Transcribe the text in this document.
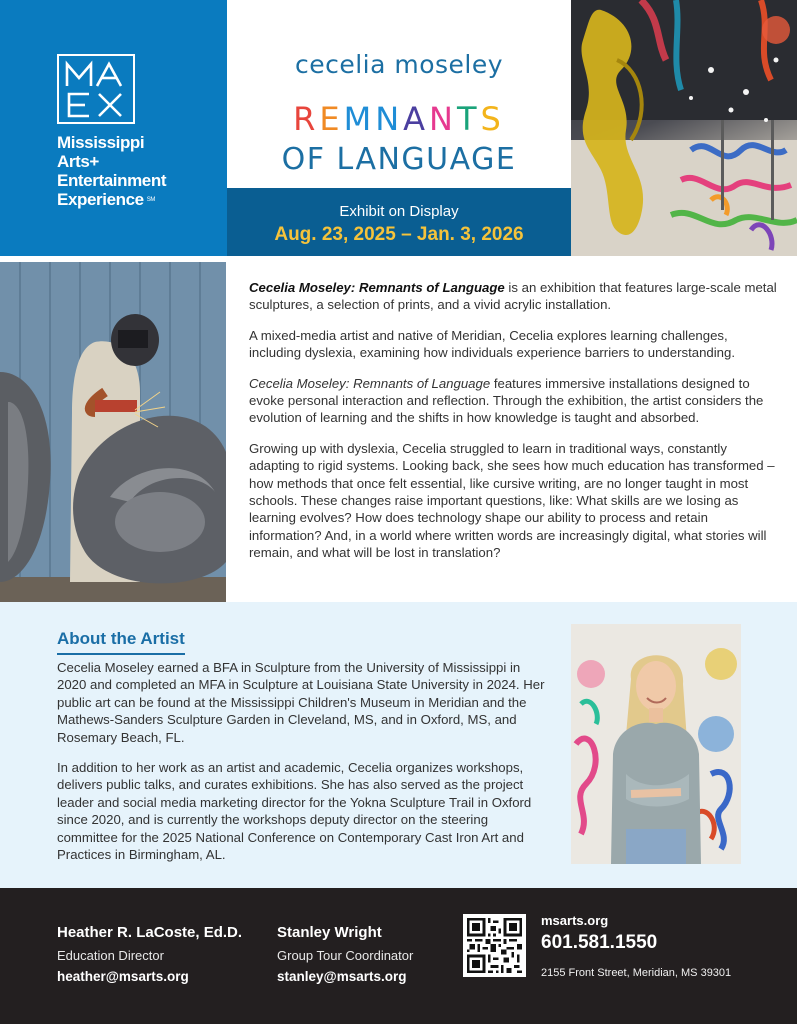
Mississippi
Arts+
Entertainment
Experience SM
cecelia moseley
REMNANTS
OF LANGUAGE
Exhibit on Display
Aug. 23, 2025 – Jan. 3, 2026

Cecelia Moseley: Remnants of Language is an exhibition that features large-scale metal sculptures, a selection of prints, and a vivid acrylic installation.

A mixed-media artist and native of Meridian, Cecelia explores learning challenges, including dyslexia, examining how individuals experience barriers to understanding.

Cecelia Moseley: Remnants of Language features immersive installations designed to evoke personal interaction and reflection. Through the exhibition, the artist considers the evolution of learning and the shifts in how knowledge is taught and absorbed.

Growing up with dyslexia, Cecelia struggled to learn in traditional ways, constantly adapting to rigid systems. Looking back, she sees how much education has transformed – how methods that once felt essential, like cursive writing, are no longer taught in most schools. These changes raise important questions, like: What skills are we losing as learning evolves? How does technology shape our ability to process and retain information? And, in a world where written words are increasingly digital, what stories will remain, and what will be lost in translation?

About the Artist

Cecelia Moseley earned a BFA in Sculpture from the University of Mississippi in 2020 and completed an MFA in Sculpture at Louisiana State University in 2024. Her public art can be found at the Mississippi Children's Museum in Meridian and the Mathews-Sanders Sculpture Garden in Cleveland, MS, and in Oxford, MS, and Rosemary Beach, FL.

In addition to her work as an artist and academic, Cecelia organizes workshops, delivers public talks, and curates exhibitions. She has also served as the project leader and social media marketing director for the Yokna Sculpture Trail in Oxford since 2020, and is currently the workshops deputy director on the steering committee for the 2025 National Conference on Contemporary Cast Iron Art and Practices in Birmingham, AL.

Heather R. LaCoste, Ed.D.
Education Director
heather@msarts.org
Stanley Wright
Group Tour Coordinator
stanley@msarts.org
msarts.org
601.581.1550
2155 Front Street, Meridian, MS 39301
